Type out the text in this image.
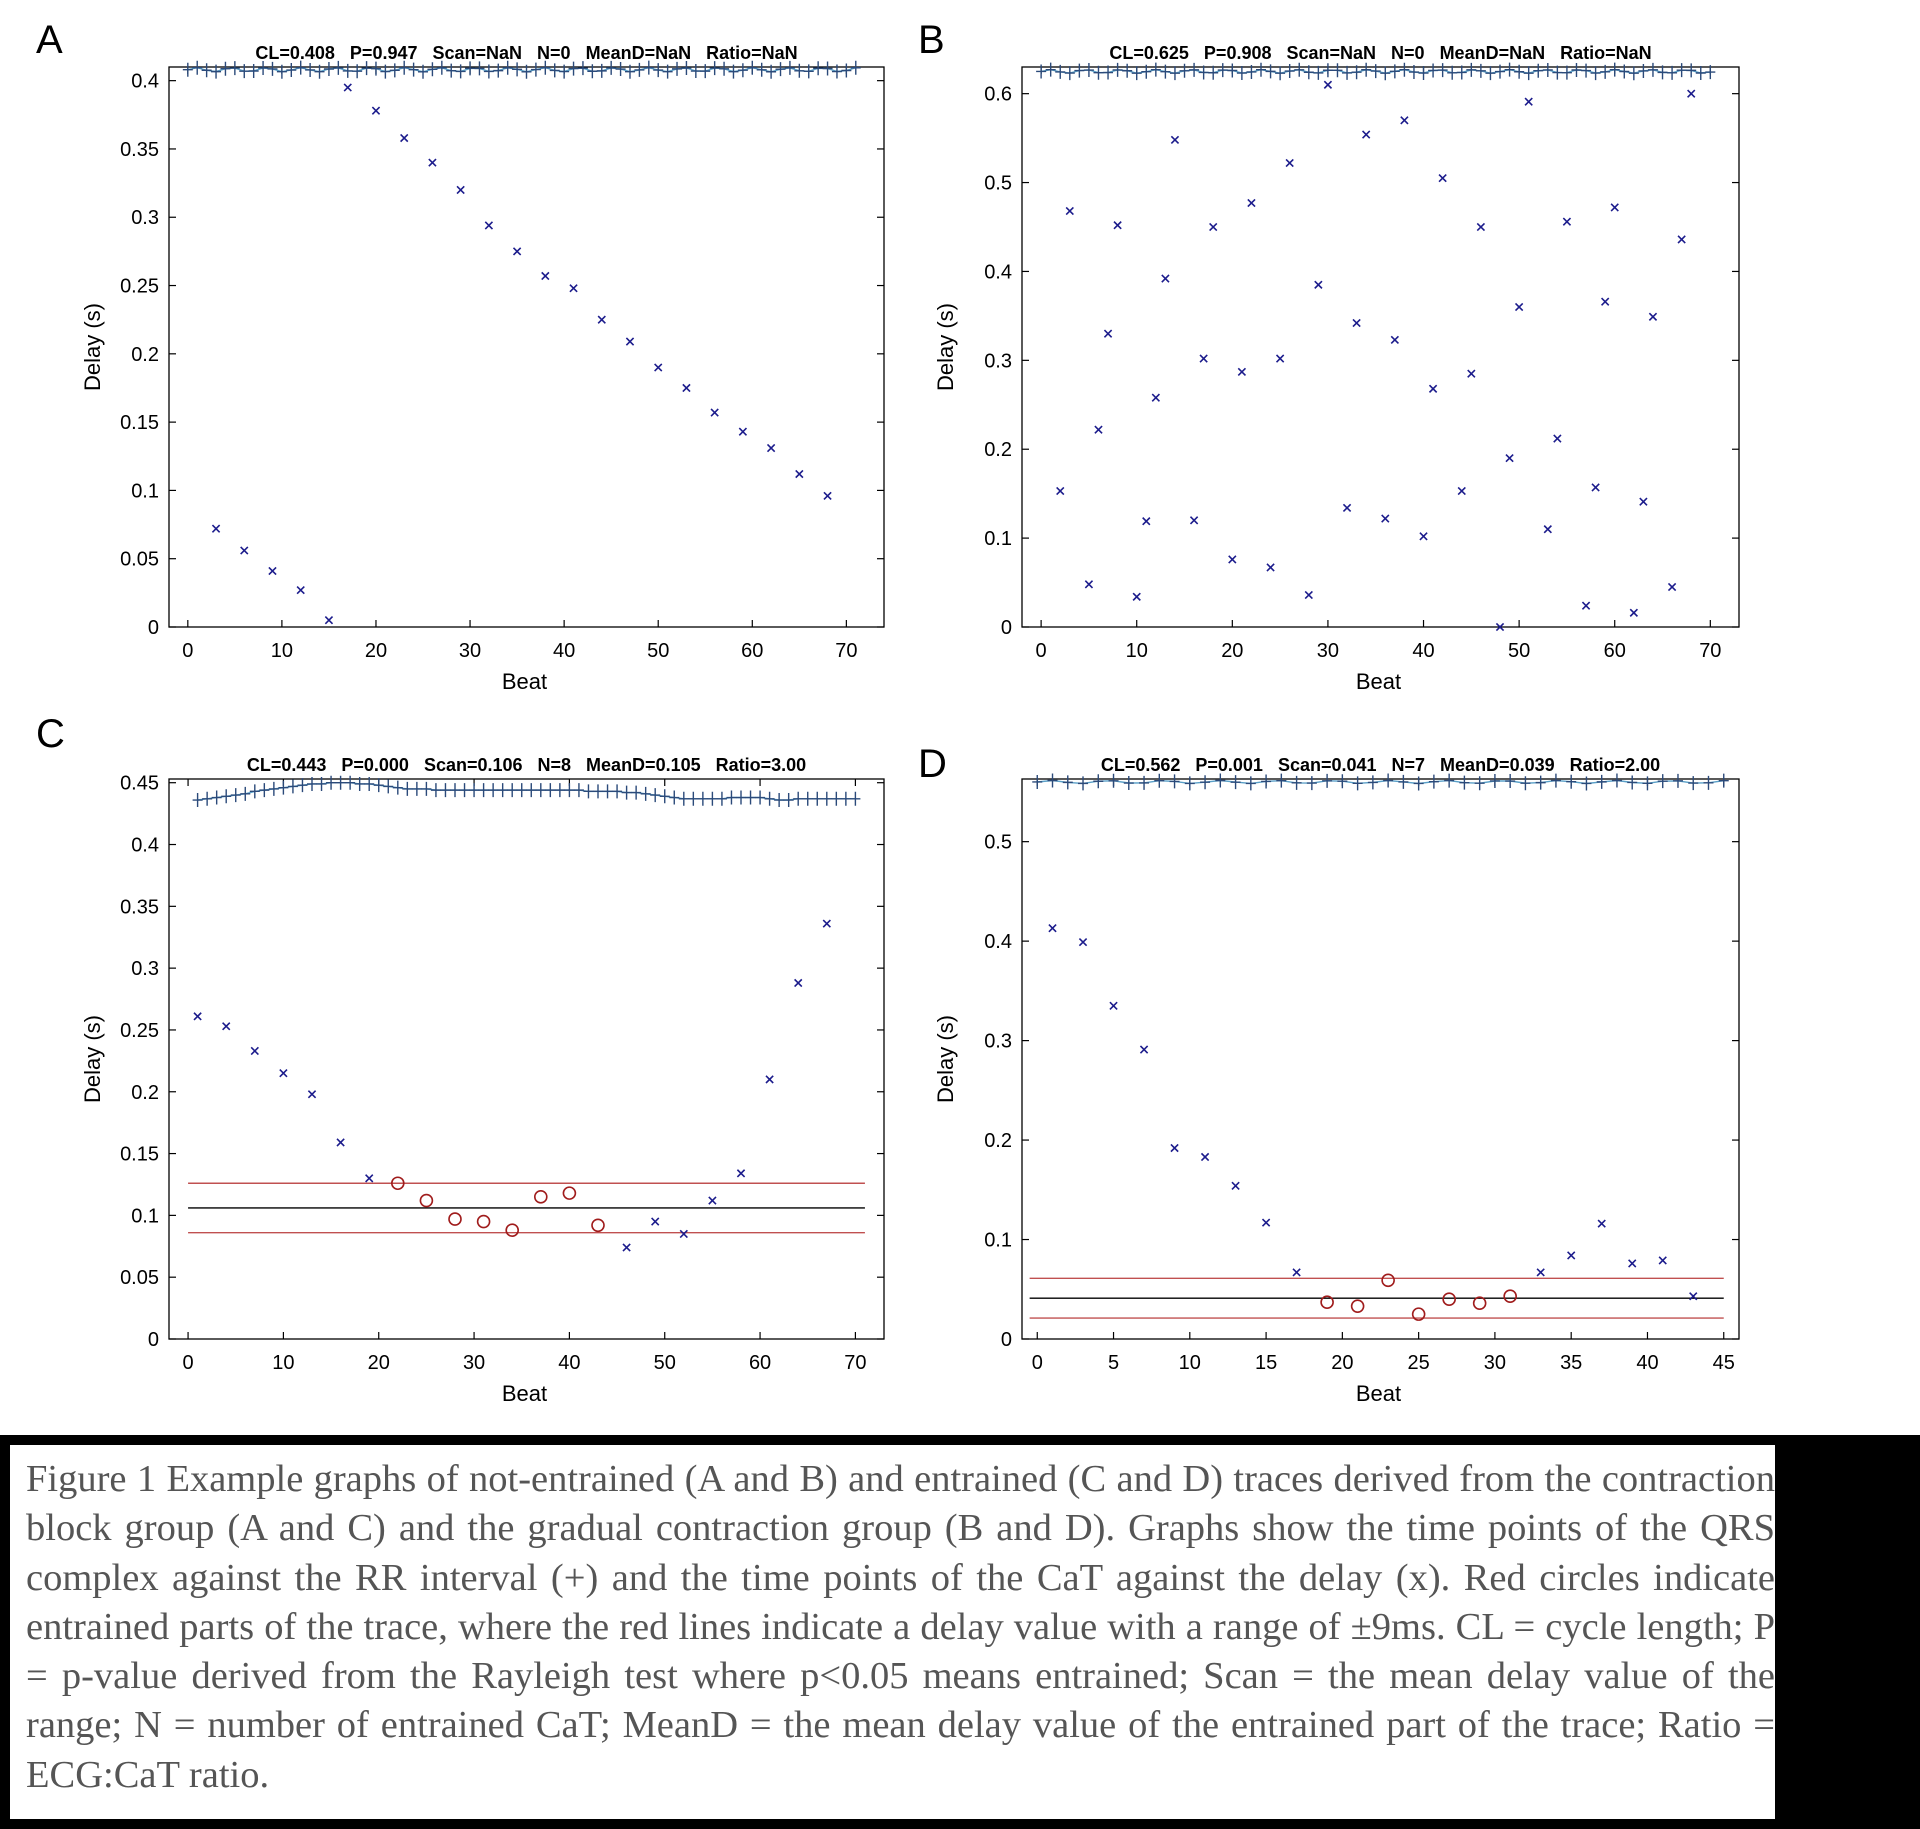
A	B
C
D
0	10	20	30	40	50	60	70
0
0.05
0.1
0.15
0.2
0.25
0.3
0.35
0.4
Beat
Delay (s)
CL=0.408   P=0.947   Scan=NaN   N=0   MeanD=NaN   Ratio=NaN
0	10	20	30	40	50	60	70
0
0.1
0.2
0.3
0.4
0.5
0.6
Beat
Delay (s)
CL=0.625   P=0.908   Scan=NaN   N=0   MeanD=NaN   Ratio=NaN
0	10	20	30	40	50	60	70
0
0.05
0.1
0.15
0.2
0.25
0.3
0.35
0.4
0.45
Beat
Delay (s)
CL=0.443   P=0.000   Scan=0.106   N=8   MeanD=0.105   Ratio=3.00
0	5	10	15	20	25	30	35	40	45
0
0.1
0.2
0.3
0.4
0.5
Beat
Delay (s)
CL=0.562   P=0.001   Scan=0.041   N=7   MeanD=0.039   Ratio=2.00
Figure 1 Example graphs of not-entrained (A and B) and entrained (C and D) traces derived from the contraction block group (A and C) and the gradual contraction group (B and D). Graphs show the time points of the QRS complex against the RR interval (+) and the time points of the CaT against the delay (x). Red circles indicate entrained parts of the trace, where the red lines indicate a delay value with a range of ±9ms. CL = cycle length; P = p-value derived from the Rayleigh test where p<0.05 means entrained; Scan = the mean delay value of the range; N = number of entrained CaT; MeanD = the mean delay value of the entrained part of the trace; Ratio = ECG:CaT ratio.
